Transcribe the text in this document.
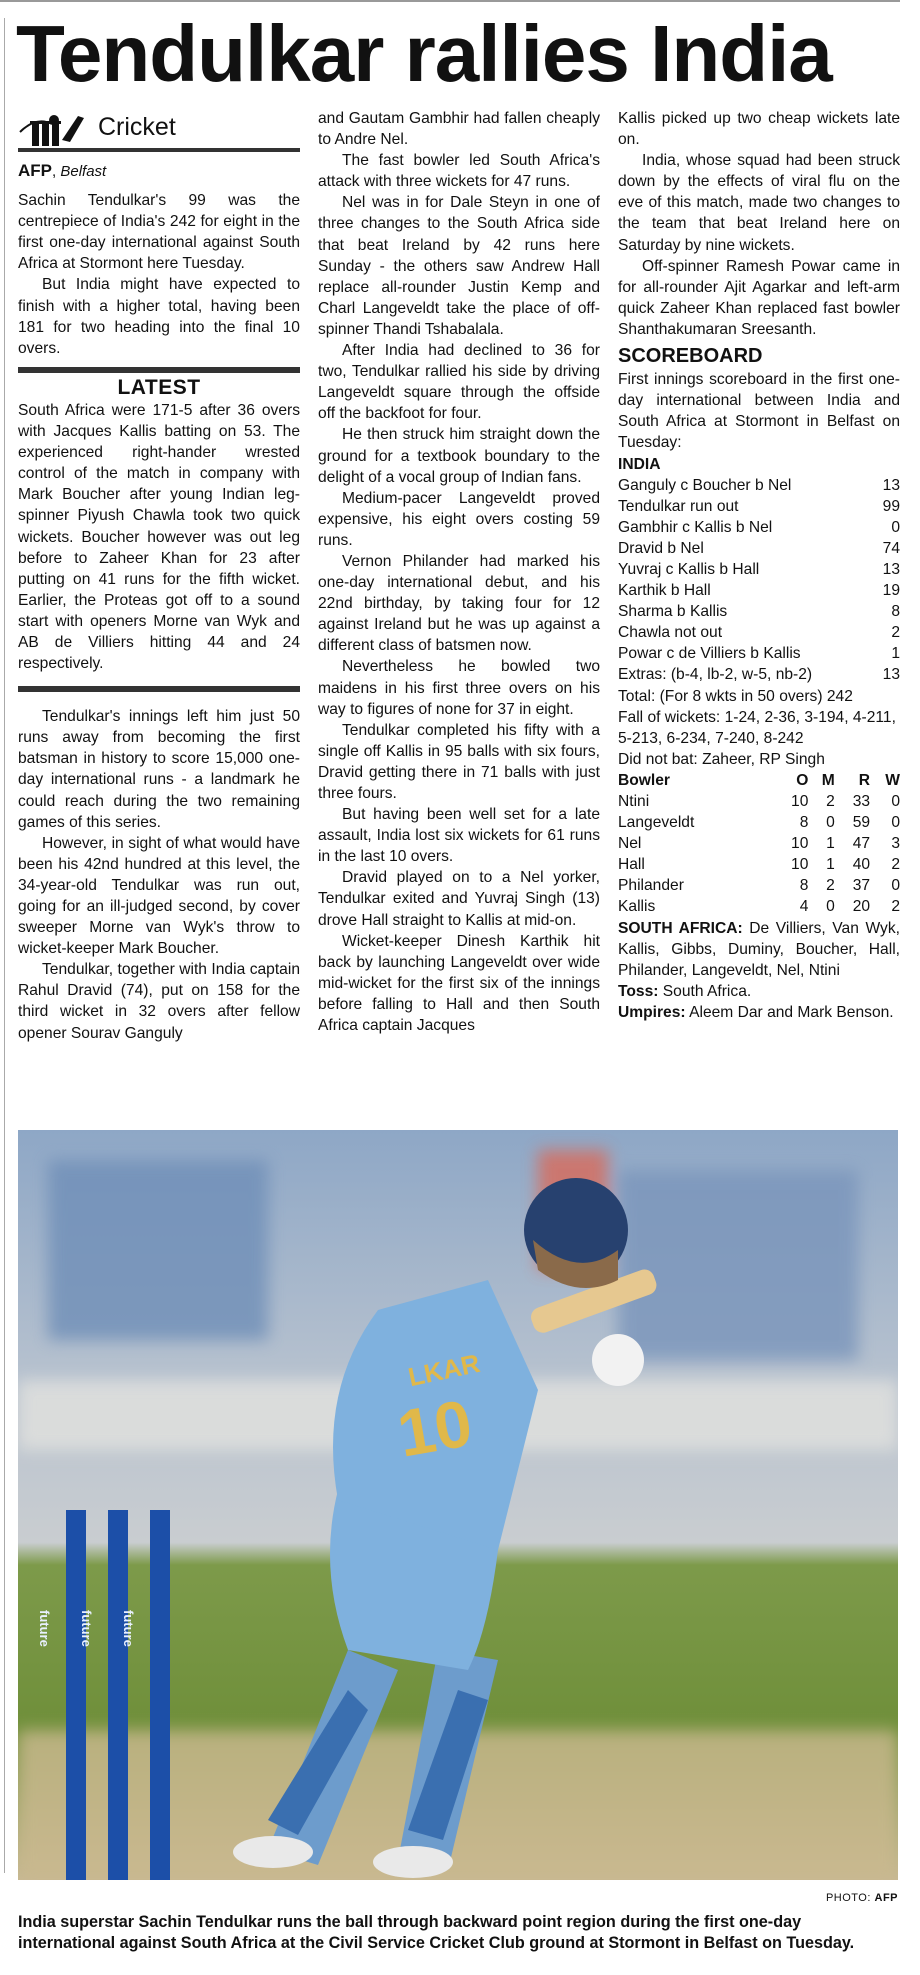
Tendulkar rallies India
Cricket
AFP, Belfast

Sachin Tendulkar's 99 was the centrepiece of India's 242 for eight in the first one-day international against South Africa at Stormont here Tuesday.

But India might have expected to finish with a higher total, having been 181 for two heading into the final 10 overs.

LATEST

South Africa were 171-5 after 36 overs with Jacques Kallis batting on 53. The experienced right-hander wrested control of the match in company with Mark Boucher after young Indian leg-spinner Piyush Chawla took two quick wickets. Boucher however was out leg before to Zaheer Khan for 23 after putting on 41 runs for the fifth wicket. Earlier, the Proteas got off to a sound start with openers Morne van Wyk and AB de Villiers hitting 44 and 24 respectively.

Tendulkar's innings left him just 50 runs away from becoming the first batsman in history to score 15,000 one-day international runs - a landmark he could reach during the two remaining games of this series.

However, in sight of what would have been his 42nd hundred at this level, the 34-year-old Tendulkar was run out, going for an ill-judged second, by cover sweeper Morne van Wyk's throw to wicket-keeper Mark Boucher.

Tendulkar, together with India captain Rahul Dravid (74), put on 158 for the third wicket in 32 overs after fellow opener Sourav Ganguly

and Gautam Gambhir had fallen cheaply to Andre Nel.

The fast bowler led South Africa's attack with three wickets for 47 runs.

Nel was in for Dale Steyn in one of three changes to the South Africa side that beat Ireland by 42 runs here Sunday - the others saw Andrew Hall replace all-rounder Justin Kemp and Charl Langeveldt take the place of off-spinner Thandi Tshabalala.

After India had declined to 36 for two, Tendulkar rallied his side by driving Langeveldt square through the offside off the backfoot for four.

He then struck him straight down the ground for a textbook boundary to the delight of a vocal group of Indian fans.

Medium-pacer Langeveldt proved expensive, his eight overs costing 59 runs.

Vernon Philander had marked his one-day international debut, and his 22nd birthday, by taking four for 12 against Ireland but he was up against a different class of batsmen now.

Nevertheless he bowled two maidens in his first three overs on his way to figures of none for 37 in eight.

Tendulkar completed his fifty with a single off Kallis in 95 balls with six fours, Dravid getting there in 71 balls with just three fours.

But having been well set for a late assault, India lost six wickets for 61 runs in the last 10 overs.

Dravid played on to a Nel yorker, Tendulkar exited and Yuvraj Singh (13) drove Hall straight to Kallis at mid-on.

Wicket-keeper Dinesh Karthik hit back by launching Langeveldt over wide mid-wicket for the first six of the innings before falling to Hall and then South Africa captain Jacques

Kallis picked up two cheap wickets late on.

India, whose squad had been struck down by the effects of viral flu on the eve of this match, made two changes to the team that beat Ireland here on Saturday by nine wickets.

Off-spinner Ramesh Powar came in for all-rounder Ajit Agarkar and left-arm quick Zaheer Khan replaced fast bowler Shanthakumaran Sreesanth.

SCOREBOARD

First innings scoreboard in the first one-day international between India and South Africa at Stormont in Belfast on Tuesday:

INDIA
Ganguly c Boucher b Nel	13
Tendulkar run out	99
Gambhir c Kallis b Nel	0
Dravid b Nel	74
Yuvraj c Kallis b Hall	13
Karthik b Hall	19
Sharma b Kallis	8
Chawla not out	2
Powar c de Villiers b Kallis	1
Extras: (b-4, lb-2, w-5, nb-2)	13
Total: (For 8 wkts in 50 overs) 242

Fall of wickets: 1-24, 2-36, 3-194, 4-211, 5-213, 6-234, 7-240, 8-242

Did not bat: Zaheer, RP Singh

Bowler	O	M	R	W
Ntini	10	2	33	0
Langeveldt	8	0	59	0
Nel	10	1	47	3
Hall	10	1	40	2
Philander	8	2	37	0
Kallis	4	0	20	2

SOUTH AFRICA: De Villiers, Van Wyk, Kallis, Gibbs, Duminy, Boucher, Hall, Philander, Langeveldt, Nel, Ntini

Toss: South Africa.

Umpires: Aleem Dar and Mark Benson.

LKAR
10
future future future
PHOTO: AFP

India superstar Sachin Tendulkar runs the ball through backward point region during the first one-day international against South Africa at the Civil Service Cricket Club ground at Stormont in Belfast on Tuesday.
